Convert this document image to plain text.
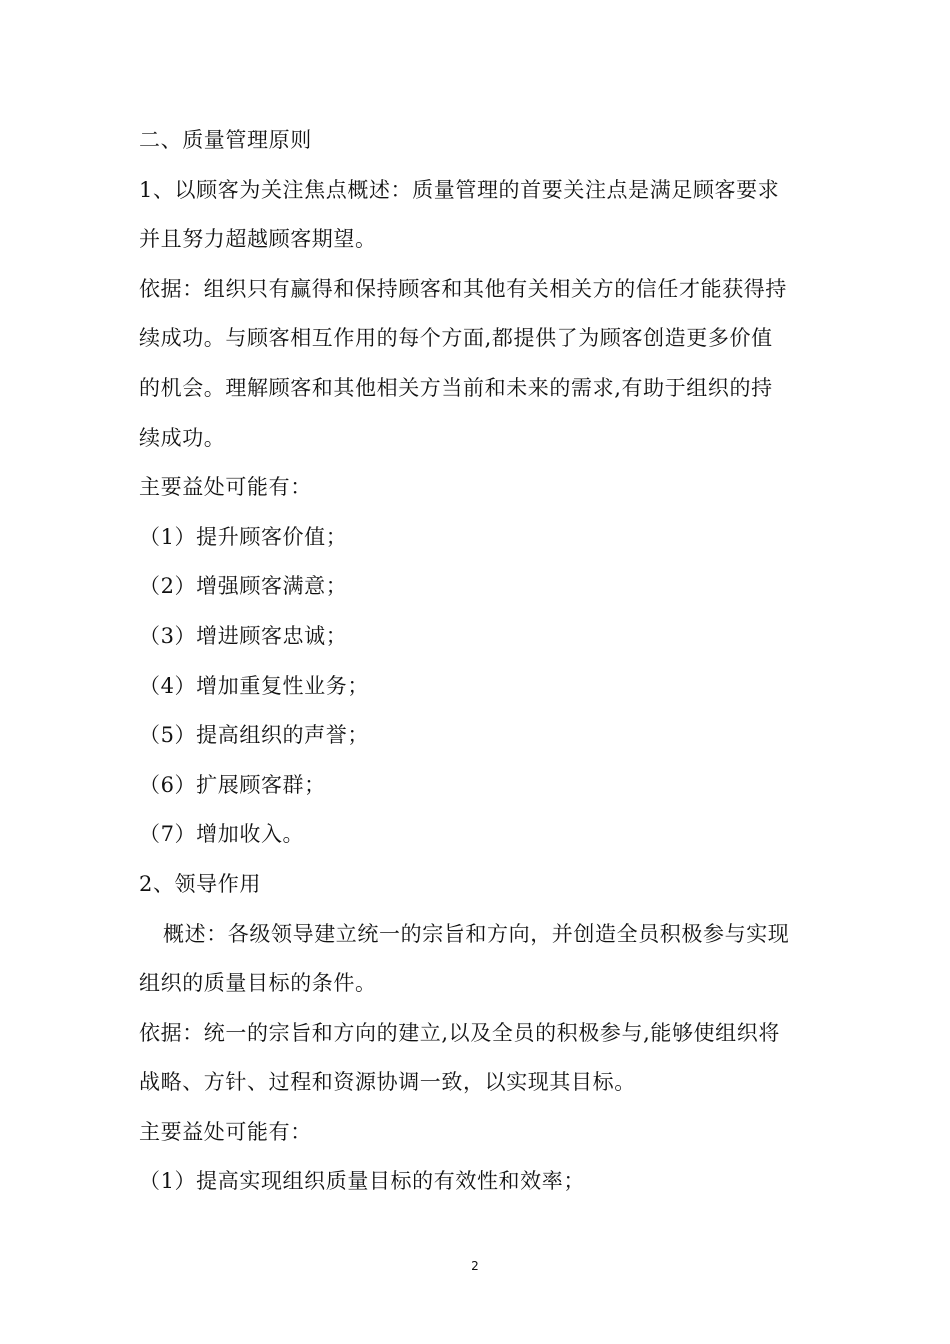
二、质量管理原则
1、以顾客为关注焦点概述：质量管理的首要关注点是满足顾客要求
并且努力超越顾客期望。
依据：组织只有赢得和保持顾客和其他有关相关方的信任才能获得持
续成功。与顾客相互作用的每个方面,都提供了为顾客创造更多价值
的机会。理解顾客和其他相关方当前和未来的需求,有助于组织的持
续成功。
主要益处可能有：
（1）提升顾客价值；
（2）增强顾客满意；
（3）增进顾客忠诚；
（4）增加重复性业务；
（5）提高组织的声誉；
（6）扩展顾客群；
（7）增加收入。
2、领导作用
概述：各级领导建立统一的宗旨和方向，并创造全员积极参与实现
组织的质量目标的条件。
依据：统一的宗旨和方向的建立,以及全员的积极参与,能够使组织将
战略、方针、过程和资源协调一致，以实现其目标。
主要益处可能有：
（1）提高实现组织质量目标的有效性和效率；
2
